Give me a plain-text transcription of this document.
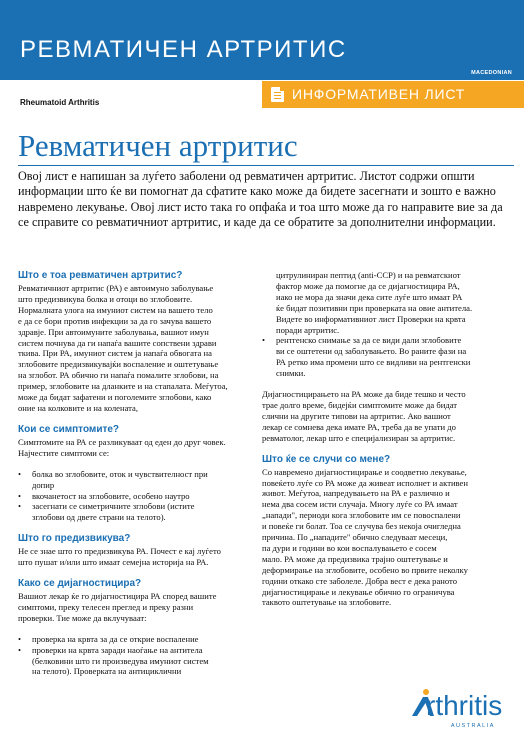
РЕВМАТИЧЕН АРТРИТИС
MACEDONIAN
Rheumatoid Arthritis
ИНФОРМАТИВЕН ЛИСТ
Ревматичен артритис
Овој лист е напишан за луѓето заболени од ревматичен артритис. Листот содржи општи информации што ќе ви помогнат да сфатите како може да бидете засегнати и зошто е важно навремено лекување. Овој лист исто така го опфаќа и тоа што може да го направите вие за да се справите со ревматичниот артритис, и каде да се обратите за дополнителни информации.
Што е тоа ревматичен артритис?

Ревматичниот артритис (РА) е автоимуно заболување
што предизвикува болка и отоци во зглобовите.
Нормалната улога на имуниот систем на вашето тело
е да се бори против инфекции за да го зачува вашето
здравје. При автоимуните заболувања, вашиот имун
систем почнува да ги напаѓа вашите сопствени здрави
ткива. При РА, имуниот систем ја напаѓа обвогата на
зглобовите предизвикувајќи воспаление и оштетување
на зглобот. РА обично ги напаѓа помалите зглобови, на
пример, зглобовите на дланките и на стапалата. Меѓутоа,
може да бидат зафатени и поголемите зглобови, како
оние на колковите и на колената,

Кои се симптомите?

Симптомите на РА се разликуваат од еден до друг човек.
Најчестите симптоми се:

• болка во зглобовите, оток и чувствителност при
допир
• вкочанетост на зглобовите, особено наутро
• засегнати се симетричните зглобови (истите
зглобови од двете страни на телото).
Што го предизвикува?

Не се знае што го предизвикува РА. Почест е кај луѓето
што пушат и/или што имаат семејна историја на РА.

Како се дијагностицира?

Вашиот лекар ќе го дијагностицира РА според вашите
симптоми, преку телесен преглед и преку разни
проверки. Тие може да вклучуваат:

• проверка на крвта за да се открие воспаление
• проверки на крвта заради наоѓање на антитела
(белковини што ги произведува имуниот систем
на телото). Проверката на антициклични
цитрулиниран пептид (anti-CCP) и на ревматскиот
фактор може да помогне да се дијагностицира РА,
иако не мора да значи дека сите луѓе што имаат РА
ќе бидат позитивни при проверката на овие антитела.
Видете во информативниот лист Проверки на крвта
поради артритис.
• рентгенско снимање за да се види дали зглобовите
ви се оштетени од заболувањето. Во раните фази на
РА ретко има промени што се видливи на рентгенски
снимки.

Дијагностицирањето на РА може да биде тешко и често
трае долго време, бидејќи симптомите може да бидат
слични на другите типови на артритис. Ако вашиот
лекар се сомнева дека имате РА, треба да ве упати до
ревматолог, лекар што е специјализиран за артритис.

Што ќе се случи со мене?

Со навремено дијагностицирање и соодветно лекување,
повеќето луѓе со РА може да живеат исполнет и активен
живот. Меѓутоа, напредувањето на РА е различно и
нема два сосем исти случаја. Многу луѓе со РА имаат
„напади", периоди кога зглобовите им се повоспалени
и повеќе ги болат. Тоа се случува без некоја очигледна
причина. По „нападите" обично следуваат месеци,
па дури и години во кои воспалувањето е сосем
мало. РА може да предизвика трајно оштетување и
деформирање на зглобовите, особено во првите неколку
години откако сте заболеле. Добра вест е дека раното
дијагностицирање и лекување обично го ограничува
таквото оштетување на зглобовите.

rthritis
AUSTRALIA
